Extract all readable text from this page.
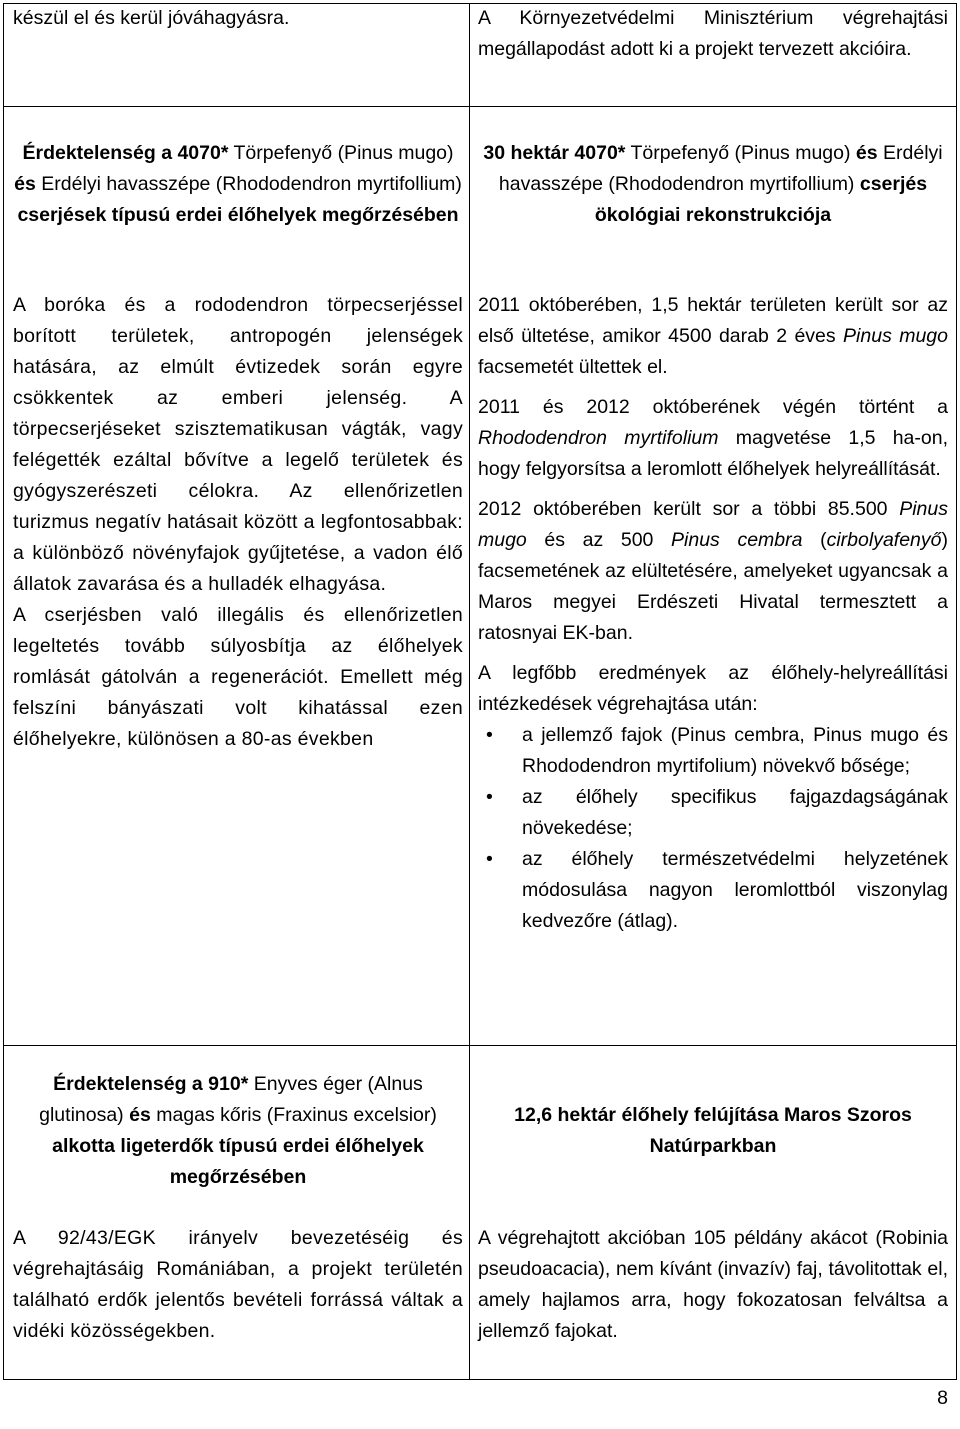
készül el és kerül jóváhagyásra.	A Környezetvédelmi Minisztérium végrehajtási megállapodást adott ki a projekt tervezett akcióira.

Érdektelenség a 4070* Törpefenyő (Pinus mugo) és Erdélyi havasszépe (Rhododendron myrtifollium) cserjések típusú erdei élőhelyek megőrzésében
30 hektár 4070* Törpefenyő (Pinus mugo) és Erdélyi havasszépe (Rhododendron myrtifollium) cserjés ökológiai rekonstrukciója

A boróka és a rododendron törpecserjéssel borított területek, antropogén jelenségek hatására, az elmúlt évtizedek során egyre csökkentek az emberi jelenség. A törpecserjéseket szisztematikusan vágták, vagy felégették ezáltal bővítve a legelő területek és gyógyszerészeti célokra. Az ellenőrizetlen turizmus negatív hatásait között a legfontosabbak: a különböző növényfajok gyűjtetése, a vadon élő állatok zavarása és a hulladék elhagyása.

A cserjésben való illegális és ellenőrizetlen legeltetés tovább súlyosbítja az élőhelyek romlását gátolván a regenerációt. Emellett még felszíni bányászati volt kihatással ezen élőhelyekre, különösen a 80-as években

2011 októberében, 1,5 hektár területen került sor az első ültetése, amikor 4500 darab 2 éves Pinus mugo facsemetét ültettek el.

2011 és 2012 októberének végén történt a Rhododendron myrtifolium magvetése 1,5 ha-on, hogy felgyorsítsa a leromlott élőhelyek helyreállítását.

2012 októberében került sor a többi 85.500 Pinus mugo és az 500 Pinus cembra (cirbolyafenyő) facsemetének az elültetésére, amelyeket ugyancsak a Maros megyei Erdészeti Hivatal termesztett a ratosnyai EK-ban.

A legfőbb eredmények az élőhely-helyreállítási intézkedések végrehajtása után:

• a jellemző fajok (Pinus cembra, Pinus mugo és Rhododendron myrtifolium) növekvő bősége;
• az élőhely specifikus fajgazdagságának növekedése;
• az élőhely természetvédelmi helyzetének módosulása nagyon leromlottból viszonylag kedvezőre (átlag).
Érdektelenség a 910* Enyves éger (Alnus glutinosa) és magas kőris (Fraxinus excelsior) alkotta ligeterdők típusú erdei élőhelyek megőrzésében
12,6 hektár élőhely felújítása Maros Szoros Natúrparkban

A 92/43/EGK irányelv bevezetéséig és végrehajtásáig Romániában, a projekt területén található erdők jelentős bevételi forrássá váltak a vidéki közösségekben.

A végrehajtott akcióban 105 példány akácot (Robinia pseudoacacia), nem kívánt (invazív) faj, távolitottak el, amely hajlamos arra, hogy fokozatosan felváltsa a jellemző fajokat.

8
